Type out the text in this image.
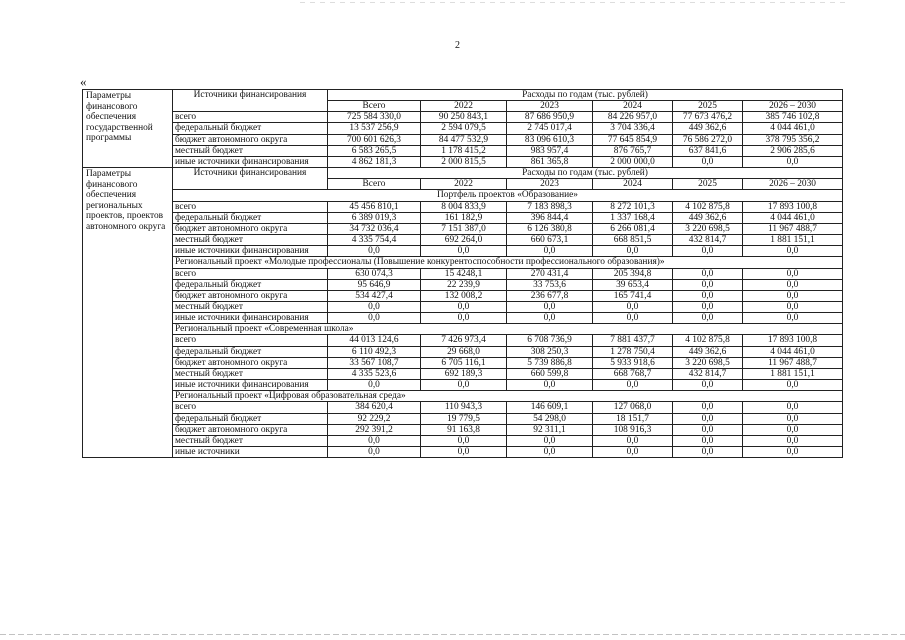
2
«
Параметры финансового обеспечения государственной программы	Источники финансирования	Расходы по годам (тыс. рублей)					
		Всего	2022	2023	2024	2025	2026 – 2030
	всего	725 584 330,0	90 250 843,1	87 686 950,9	84 226 957,0	77 673 476,2	385 746 102,8
	федеральный бюджет	13 537 256,9	2 594 079,5	2 745 017,4	3 704 336,4	449 362,6	4 044 461,0
	бюджет автономного округа	700 601 626,3	84 477 532,9	83 096 610,3	77 645 854,9	76 586 272,0	378 795 356,2
	местный бюджет	6 583 265,5	1 178 415,2	983 957,4	876 765,7	637 841,6	2 906 285,6
	иные источники финансирования	4 862 181,3	2 000 815,5	861 365,8	2 000 000,0	0,0	0,0
Параметры финансового обеспечения региональных проектов, проектов автономного округа	Источники финансирования	Расходы по годам (тыс. рублей)					
		Всего	2022	2023	2024	2025	2026 – 2030
	Портфель проектов «Образование»						
	всего	45 456 810,1	8 004 833,9	7 183 898,3	8 272 101,3	4 102 875,8	17 893 100,8
	федеральный бюджет	6 389 019,3	161 182,9	396 844,4	1 337 168,4	449 362,6	4 044 461,0
	бюджет автономного округа	34 732 036,4	7 151 387,0	6 126 380,8	6 266 081,4	3 220 698,5	11 967 488,7
	местный бюджет	4 335 754,4	692 264,0	660 673,1	668 851,5	432 814,7	1 881 151,1
	иные источники финансирования	0,0	0,0	0,0	0,0	0,0	0,0
	Региональный проект «Молодые профессионалы (Повышение конкурентоспособности профессионального образования)»						
	всего	630 074,3	15 4248,1	270 431,4	205 394,8	0,0	0,0
	федеральный бюджет	95 646,9	22 239,9	33 753,6	39 653,4	0,0	0,0
	бюджет автономного округа	534 427,4	132 008,2	236 677,8	165 741,4	0,0	0,0
	местный бюджет	0,0	0,0	0,0	0,0	0,0	0,0
	иные источники финансирования	0,0	0,0	0,0	0,0	0,0	0,0
	Региональный проект «Современная школа»						
	всего	44 013 124,6	7 426 973,4	6 708 736,9	7 881 437,7	4 102 875,8	17 893 100,8
	федеральный бюджет	6 110 492,3	29 668,0	308 250,3	1 278 750,4	449 362,6	4 044 461,0
	бюджет автономного округа	33 567 108,7	6 705 116,1	5 739 886,8	5 933 918,6	3 220 698,5	11 967 488,7
	местный бюджет	4 335 523,6	692 189,3	660 599,8	668 768,7	432 814,7	1 881 151,1
	иные источники финансирования	0,0	0,0	0,0	0,0	0,0	0,0
	Региональный проект «Цифровая образовательная среда»						
	всего	384 620,4	110 943,3	146 609,1	127 068,0	0,0	0,0
	федеральный бюджет	92 229,2	19 779,5	54 298,0	18 151,7	0,0	0,0
	бюджет автономного округа	292 391,2	91 163,8	92 311,1	108 916,3	0,0	0,0
	местный бюджет	0,0	0,0	0,0	0,0	0,0	0,0
	иные источники	0,0	0,0	0,0	0,0	0,0	0,0
